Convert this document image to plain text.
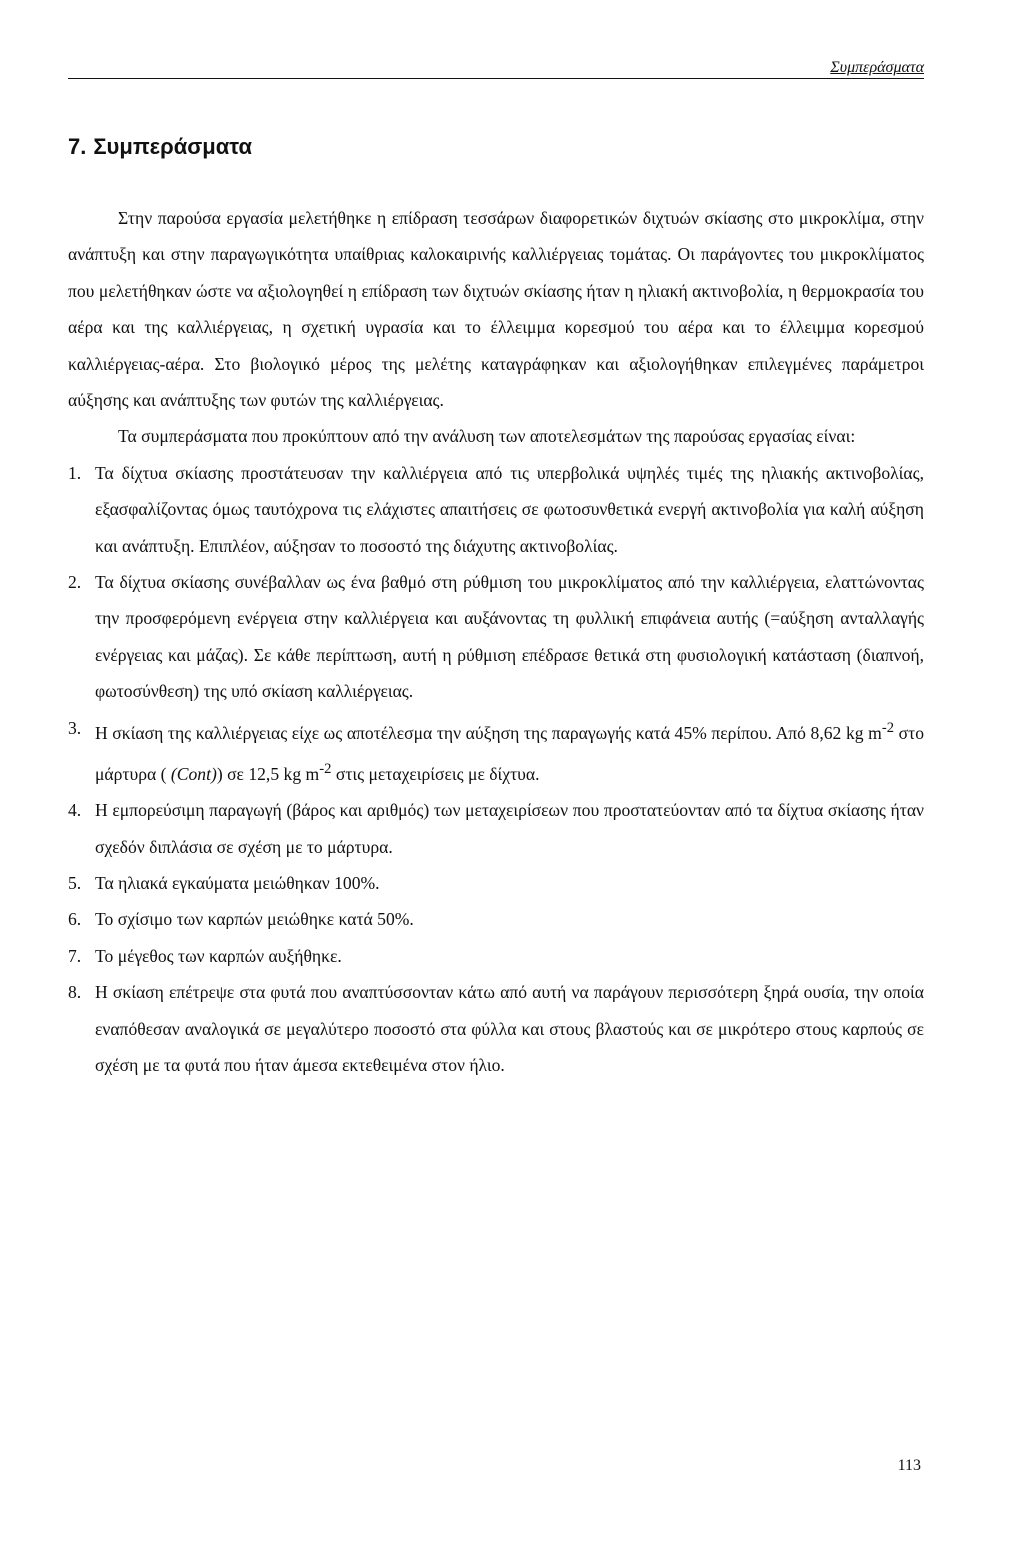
Συμπεράσματα
7. Συμπεράσματα

Στην παρούσα εργασία μελετήθηκε η επίδραση τεσσάρων διαφορετικών διχτυών σκίασης στο μικροκλίμα, στην ανάπτυξη και στην παραγωγικότητα υπαίθριας καλοκαιρινής καλλιέργειας τομάτας. Οι παράγοντες του μικροκλίματος που μελετήθηκαν ώστε να αξιολογηθεί η επίδραση των διχτυών σκίασης ήταν η ηλιακή ακτινοβολία, η θερμοκρασία του αέρα και της καλλιέργειας, η σχετική υγρασία και το έλλειμμα κορεσμού του αέρα και το έλλειμμα κορεσμού καλλιέργειας-αέρα. Στο βιολογικό μέρος της μελέτης καταγράφηκαν και αξιολογήθηκαν επιλεγμένες παράμετροι αύξησης και ανάπτυξης των φυτών της καλλιέργειας.

Τα συμπεράσματα που προκύπτουν από την ανάλυση των αποτελεσμάτων της παρούσας εργασίας είναι:

1. Τα δίχτυα σκίασης προστάτευσαν την καλλιέργεια από τις υπερβολικά υψηλές τιμές της ηλιακής ακτινοβολίας, εξασφαλίζοντας όμως ταυτόχρονα τις ελάχιστες απαιτήσεις σε φωτοσυνθετικά ενεργή ακτινοβολία για καλή αύξηση και ανάπτυξη. Επιπλέον, αύξησαν το ποσοστό της διάχυτης ακτινοβολίας.
2. Τα δίχτυα σκίασης συνέβαλλαν ως ένα βαθμό στη ρύθμιση του μικροκλίματος από την καλλιέργεια, ελαττώνοντας την προσφερόμενη ενέργεια στην καλλιέργεια και αυξάνοντας τη φυλλική επιφάνεια αυτής (=αύξηση ανταλλαγής ενέργειας και μάζας). Σε κάθε περίπτωση, αυτή η ρύθμιση επέδρασε θετικά στη φυσιολογική κατάσταση (διαπνοή, φωτοσύνθεση) της υπό σκίαση καλλιέργειας.
3. Η σκίαση της καλλιέργειας είχε ως αποτέλεσμα την αύξηση της παραγωγής κατά 45% περίπου. Από 8,62 kg $m^{-2}$ στο μάρτυρα ( (Cont)) σε 12,5 kg $m^{-2}$ στις μεταχειρίσεις με δίχτυα.
4. Η εμπορεύσιμη παραγωγή (βάρος και αριθμός) των μεταχειρίσεων που προστατεύονταν από τα δίχτυα σκίασης ήταν σχεδόν διπλάσια σε σχέση με το μάρτυρα.
5. Τα ηλιακά εγκαύματα μειώθηκαν 100%.
6. Το σχίσιμο των καρπών μειώθηκε κατά 50%.
7. Το μέγεθος των καρπών αυξήθηκε.
8. Η σκίαση επέτρεψε στα φυτά που αναπτύσσονταν κάτω από αυτή να παράγουν περισσότερη ξηρά ουσία, την οποία εναπόθεσαν αναλογικά σε μεγαλύτερο ποσοστό στα φύλλα και στους βλαστούς και σε μικρότερο στους καρπούς σε σχέση με τα φυτά που ήταν άμεσα εκτεθειμένα στον ήλιο.
113
